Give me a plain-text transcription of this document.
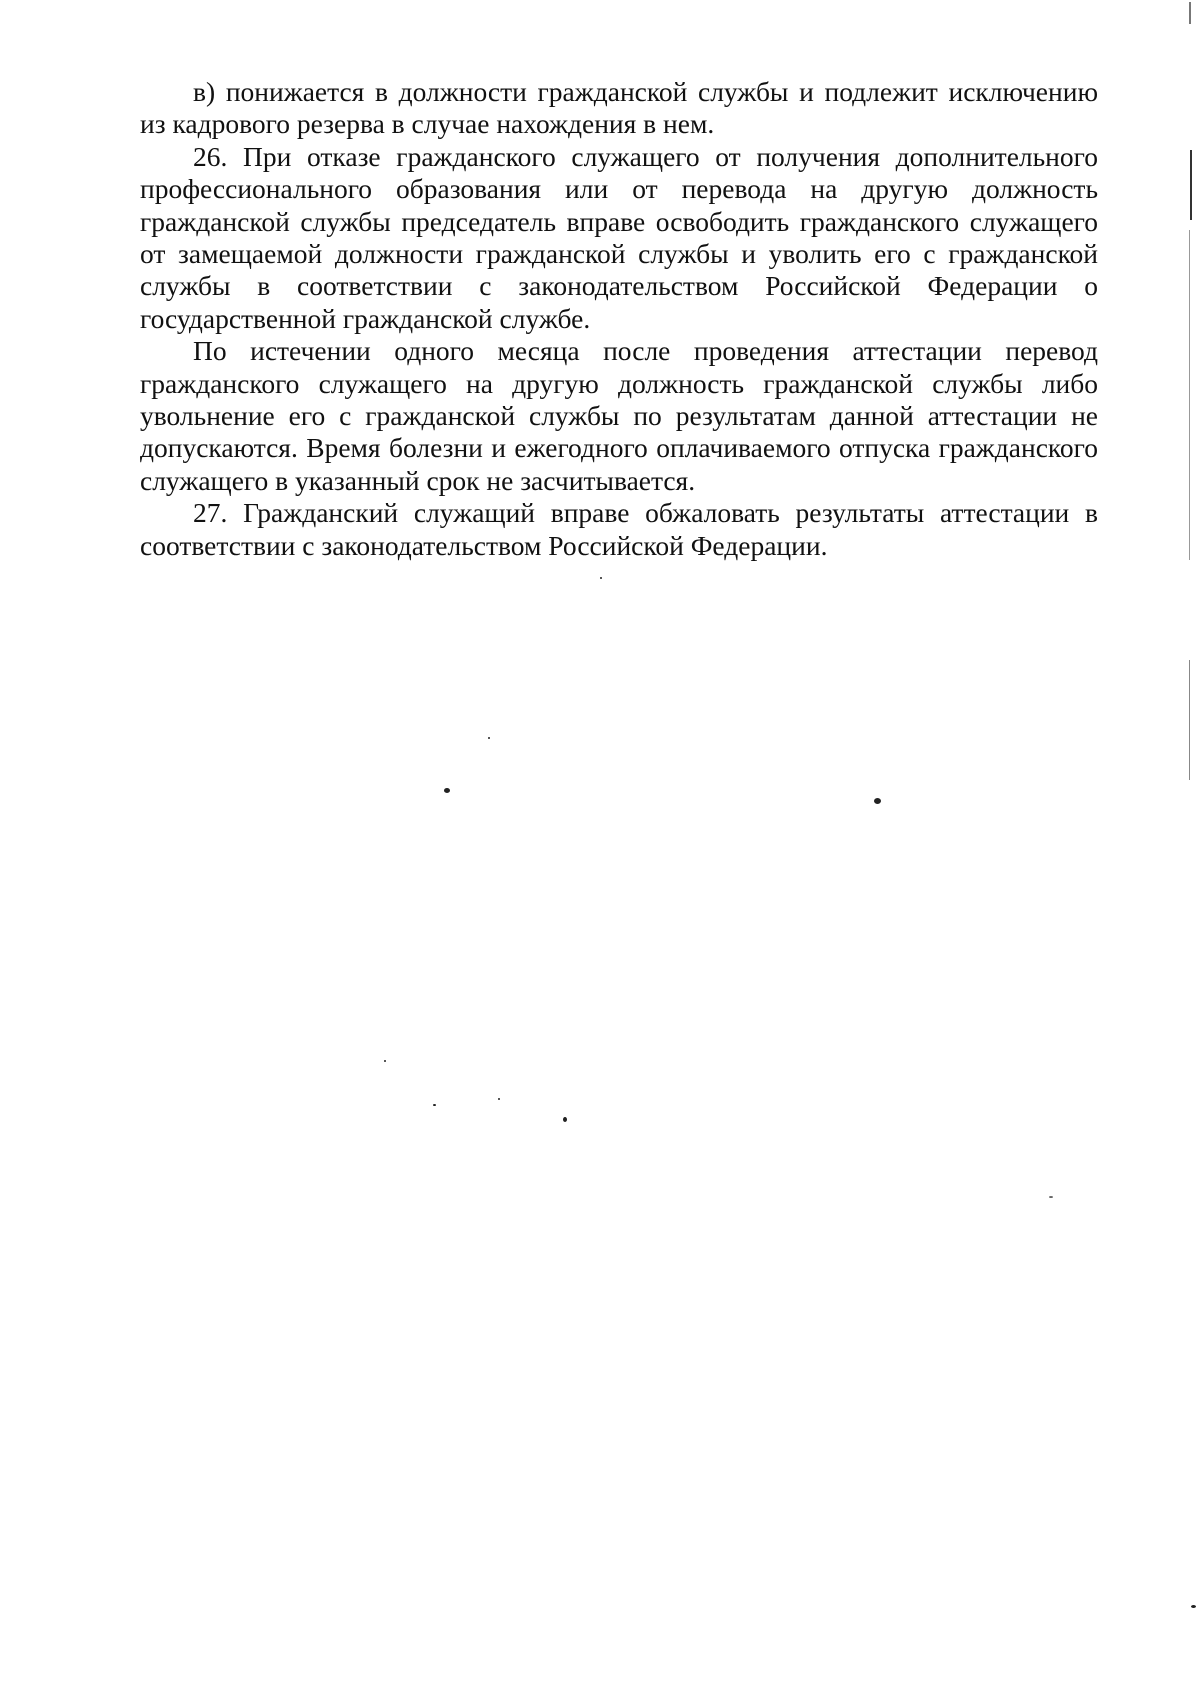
в) понижается в должности гражданской службы и подлежит исключению из кадрового резерва в случае нахождения в нем.

26. При отказе гражданского служащего от получения дополнительного профессионального образования или от перевода на другую должность гражданской службы председатель вправе освободить гражданского служащего от замещаемой должности гражданской службы и уволить его с гражданской службы в соответствии с законодательством Российской Федерации о государственной гражданской службе.

По истечении одного месяца после проведения аттестации перевод гражданского служащего на другую должность гражданской службы либо увольнение его с гражданской службы по результатам данной аттестации не допускаются. Время болезни и ежегодного оплачиваемого отпуска гражданского служащего в указанный срок не засчитывается.

27. Гражданский служащий вправе обжаловать результаты аттестации в соответствии с законодательством Российской Федерации.
